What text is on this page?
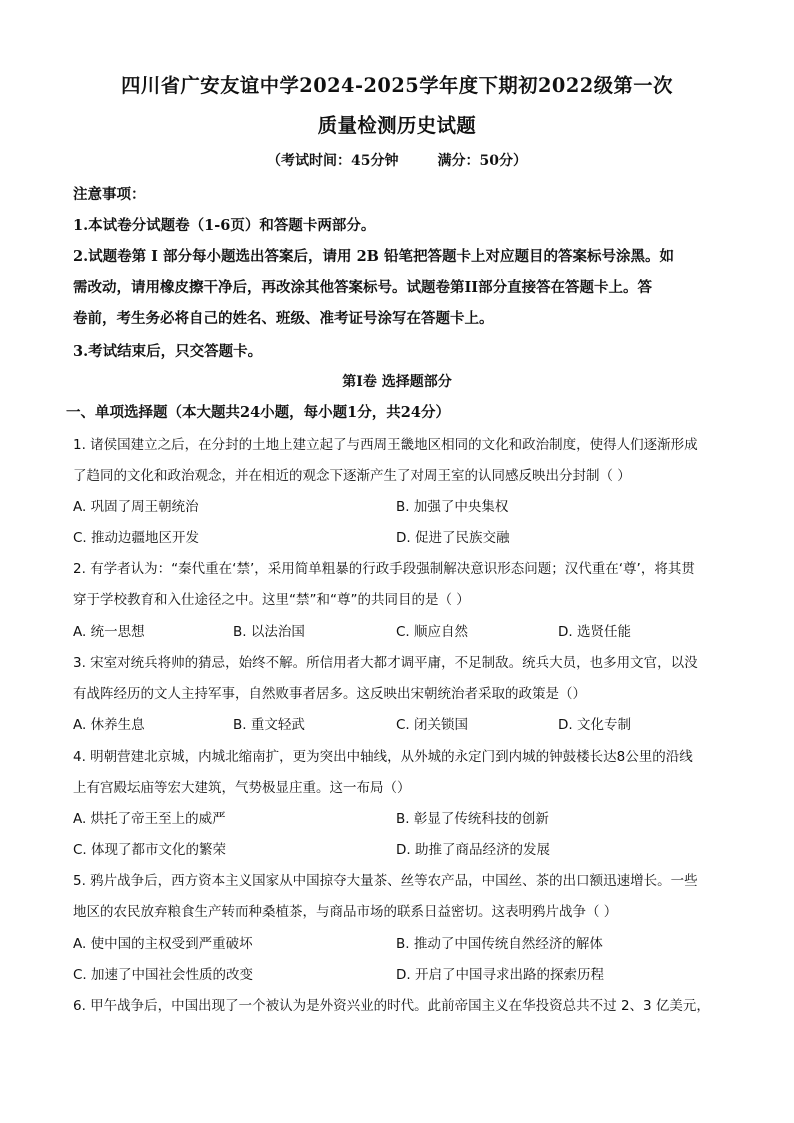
四川省广安友谊中学2024-2025学年度下期初2022级第一次
质量检测历史试题
（考试时间：45分钟        满分：50分）
注意事项：
1.本试卷分试题卷（1-6页）和答题卡两部分。
2.试题卷第 I 部分每小题选出答案后，请用 2B 铅笔把答题卡上对应题目的答案标号涂黑。如
需改动，请用橡皮擦干净后，再改涂其他答案标号。试题卷第II部分直接答在答题卡上。答
卷前，考生务必将自己的姓名、班级、准考证号涂写在答题卡上。
3.考试结束后，只交答题卡。
第Ⅰ卷 选择题部分
一、单项选择题（本大题共24小题，每小题1分，共24分）
1. 诸侯国建立之后，在分封的土地上建立起了与西周王畿地区相同的文化和政治制度，使得人们逐渐形成
了趋同的文化和政治观念，并在相近的观念下逐渐产生了对周王室的认同感反映出分封制（ ）
A. 巩固了周王朝统治	B. 加强了中央集权
C. 推动边疆地区开发	D. 促进了民族交融
2. 有学者认为：“秦代重在‘禁’，采用简单粗暴的行政手段强制解决意识形态问题；汉代重在‘尊’，将其贯
穿于学校教育和入仕途径之中。这里“禁”和“尊”的共同目的是（ ）
A. 统一思想	B. 以法治国	C. 顺应自然	D. 选贤任能
3. 宋室对统兵将帅的猜忌，始终不解。所信用者大都才调平庸，不足制敌。统兵大员，也多用文官，以没
有战阵经历的文人主持军事，自然败事者居多。这反映出宋朝统治者采取的政策是（）
A. 休养生息	B. 重文轻武	C. 闭关锁国	D. 文化专制
4. 明朝营建北京城，内城北缩南扩，更为突出中轴线，从外城的永定门到内城的钟鼓楼长达8公里的沿线
上有宫殿坛庙等宏大建筑，气势极显庄重。这一布局（）
A. 烘托了帝王至上的威严	B. 彰显了传统科技的创新
C. 体现了都市文化的繁荣	D. 助推了商品经济的发展
5. 鸦片战争后，西方资本主义国家从中国掠夺大量茶、丝等农产品，中国丝、茶的出口额迅速增长。一些
地区的农民放弃粮食生产转而种桑植茶，与商品市场的联系日益密切。这表明鸦片战争（ ）
A. 使中国的主权受到严重破坏	B. 推动了中国传统自然经济的解体
C. 加速了中国社会性质的改变	D. 开启了中国寻求出路的探索历程
6. 甲午战争后，中国出现了一个被认为是外资兴业的时代。此前帝国主义在华投资总共不过 2、3 亿美元，
